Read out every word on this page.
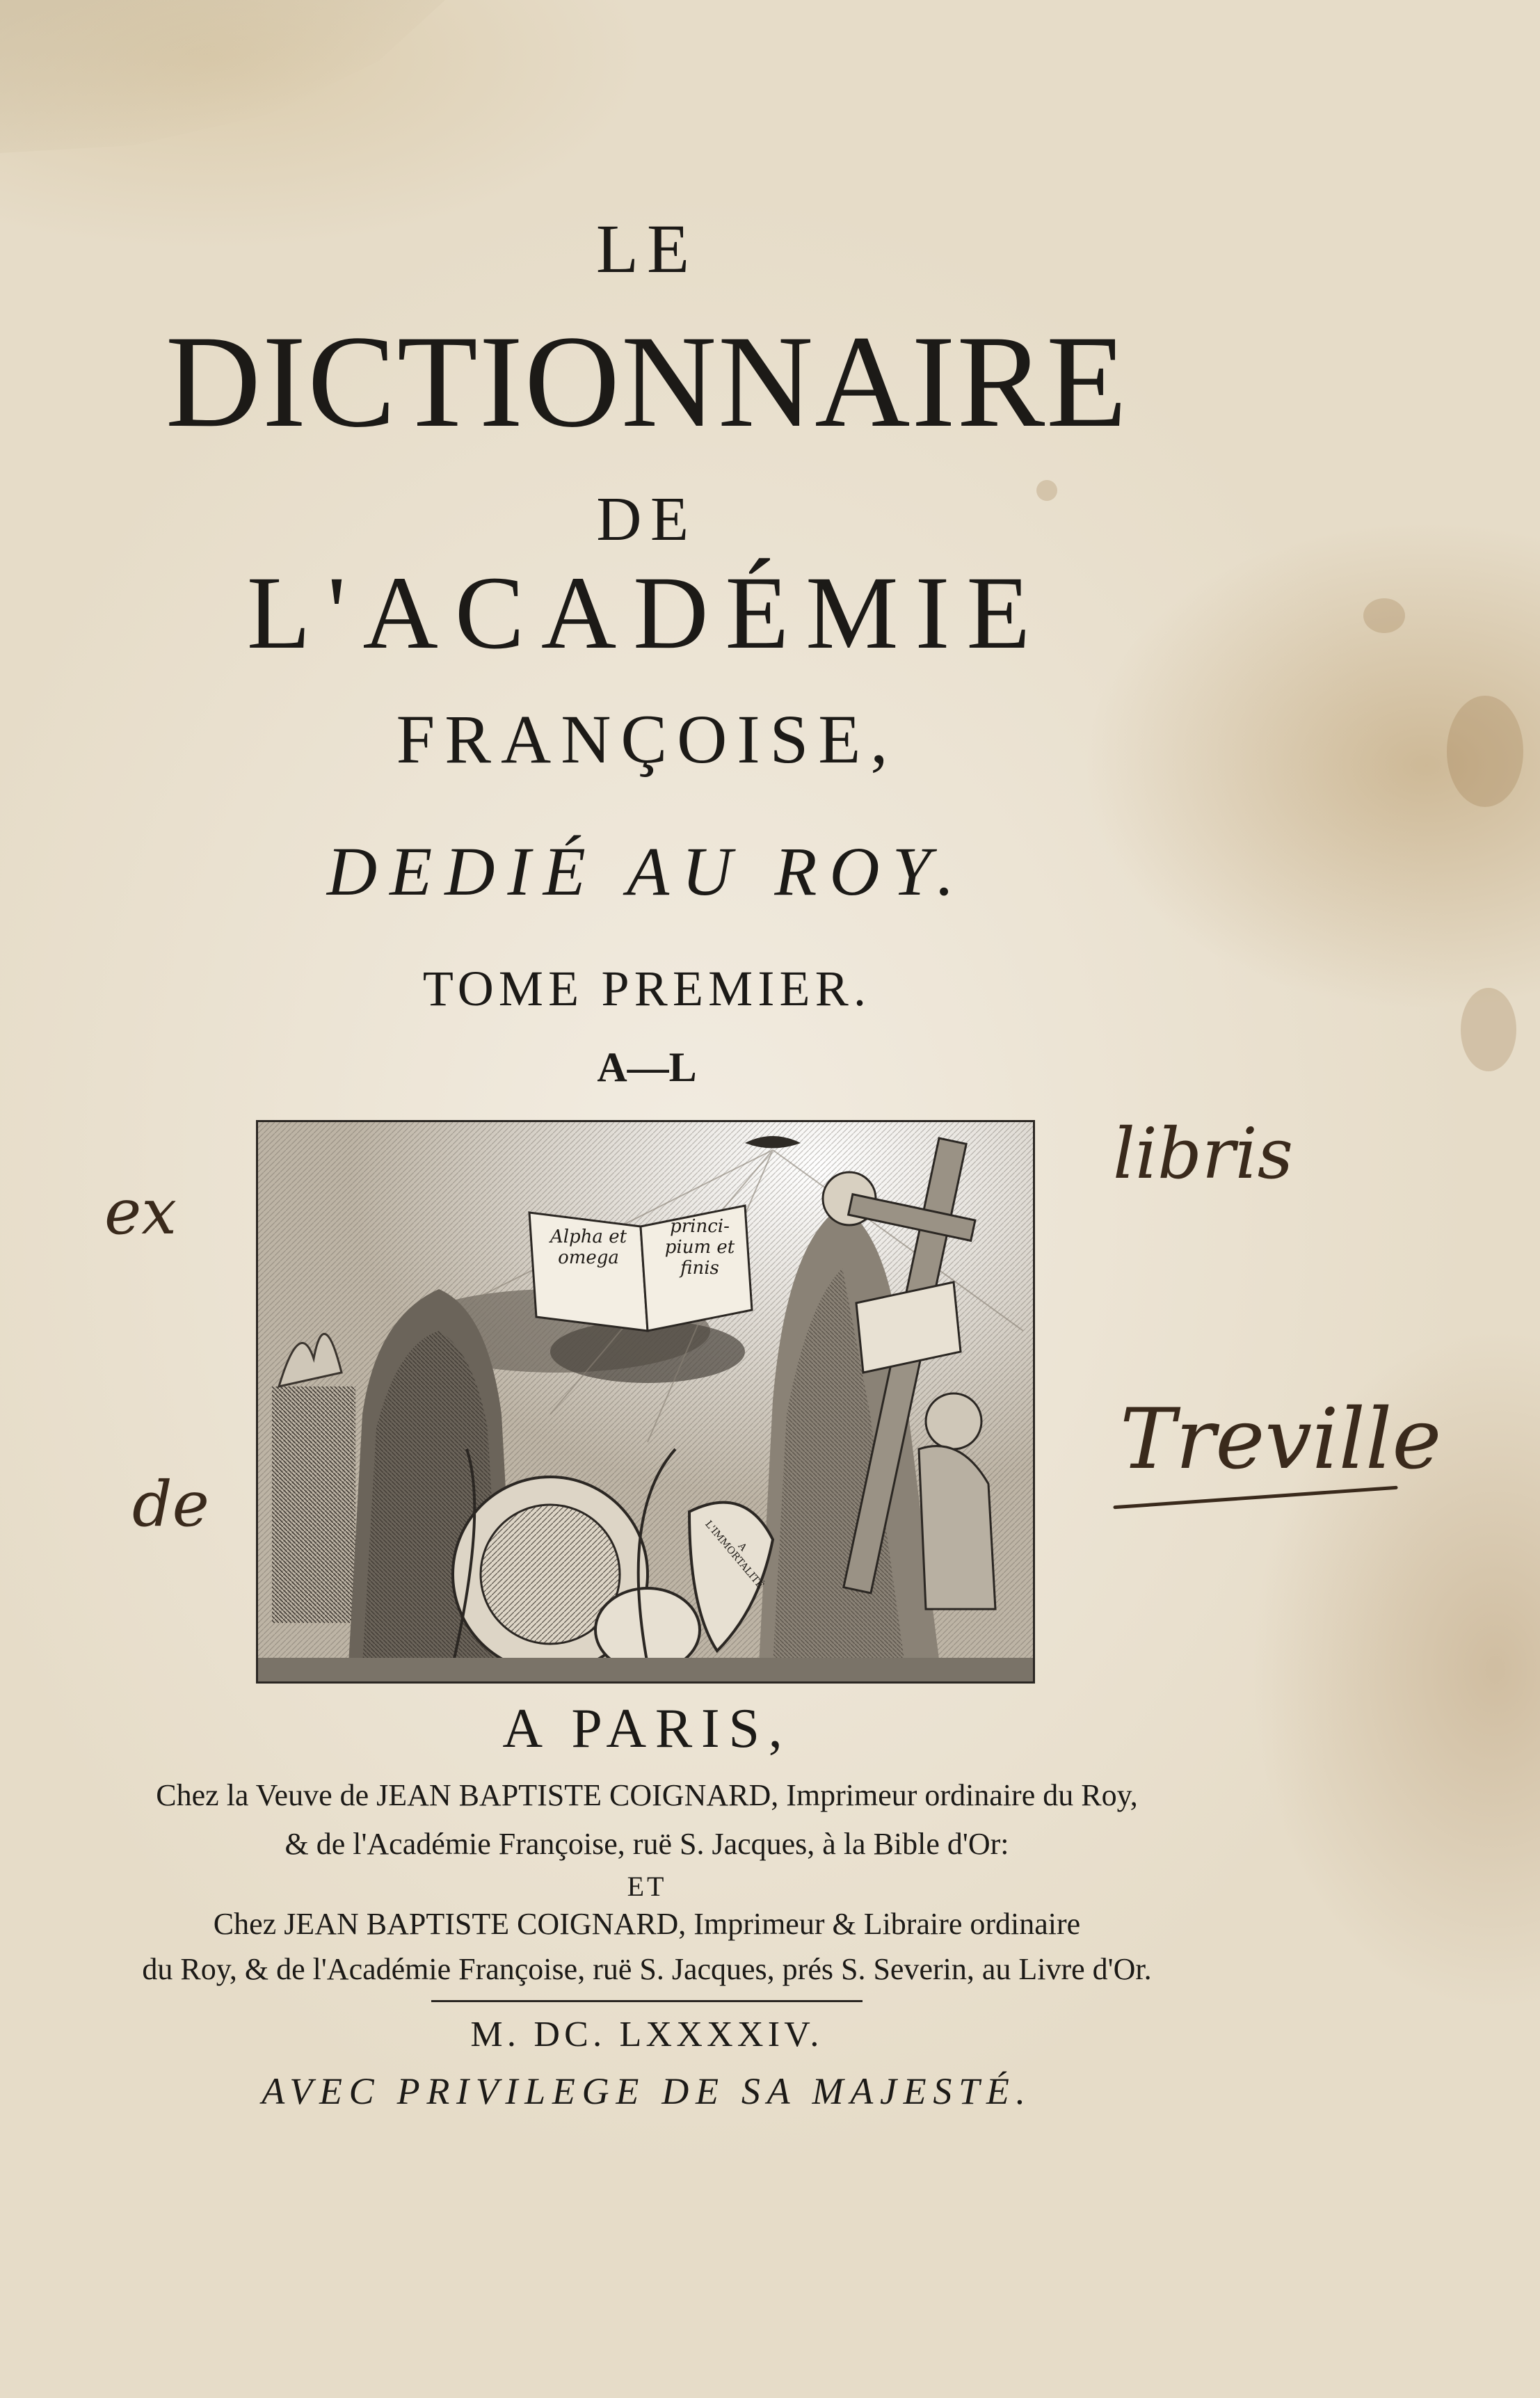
LE
DICTIONNAIRE
DE
L'ACADÉMIE
FRANÇOISE,
DEDIÉ AU ROY.
TOME PREMIER.
A—L
Alpha et omega
princi- pium et finis
A L'IMMORTALITÉ
A PARIS,
Chez la Veuve de JEAN BAPTISTE COIGNARD, Imprimeur ordinaire du Roy,
& de l'Académie Françoise, ruë S. Jacques, à la Bible d'Or:
ET
Chez JEAN BAPTISTE COIGNARD, Imprimeur & Libraire ordinaire
du Roy, & de l'Académie Françoise, ruë S. Jacques, prés S. Severin, au Livre d'Or.
M. DC. LXXXXIV.
AVEC PRIVILEGE DE SA MAJESTÉ.
ex
de
libris
Treville
